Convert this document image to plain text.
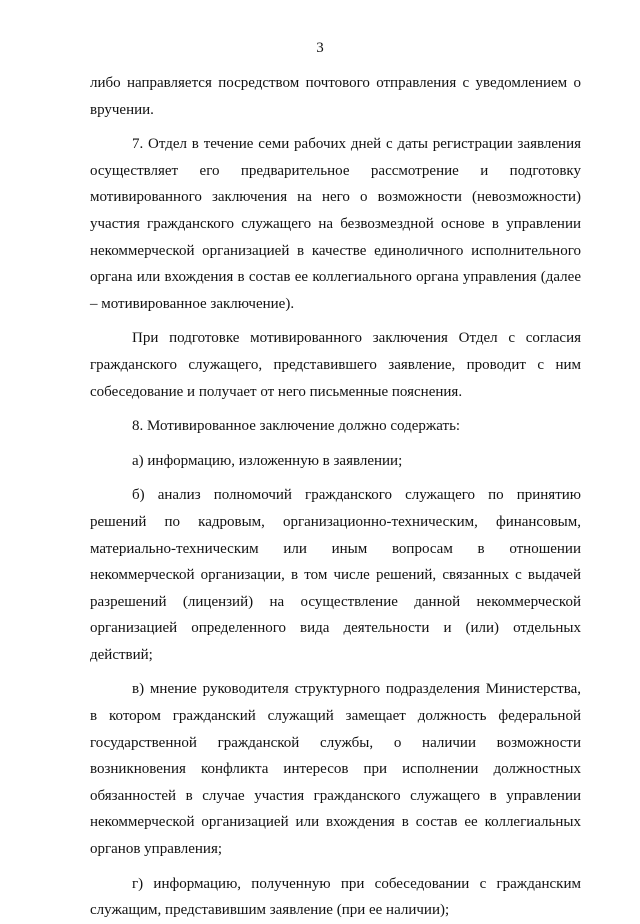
3

либо направляется посредством почтового отправления с уведомлением о вручении.

7. Отдел в течение семи рабочих дней с даты регистрации заявления осуществляет его предварительное рассмотрение и подготовку мотивированного заключения на него о возможности (невозможности) участия гражданского служащего на безвозмездной основе в управлении некоммерческой организацией в качестве единоличного исполнительного органа или вхождения в состав ее коллегиального органа управления (далее – мотивированное заключение).

При подготовке мотивированного заключения Отдел с согласия гражданского служащего, представившего заявление, проводит с ним собеседование и получает от него письменные пояснения.

8. Мотивированное заключение должно содержать:

а) информацию, изложенную в заявлении;

б) анализ полномочий гражданского служащего по принятию решений по кадровым, организационно-техническим, финансовым, материально-техническим или иным вопросам в отношении некоммерческой организации, в том числе решений, связанных с выдачей разрешений (лицензий) на осуществление данной некоммерческой организацией определенного вида деятельности и (или) отдельных действий;

в) мнение руководителя структурного подразделения Министерства, в котором гражданский служащий замещает должность федеральной государственной гражданской службы, о наличии возможности возникновения конфликта интересов при исполнении должностных обязанностей в случае участия гражданского служащего в управлении некоммерческой организацией или вхождения в состав ее коллегиальных органов управления;

г) информацию, полученную при собеседовании с гражданским служащим, представившим заявление (при ее наличии);
